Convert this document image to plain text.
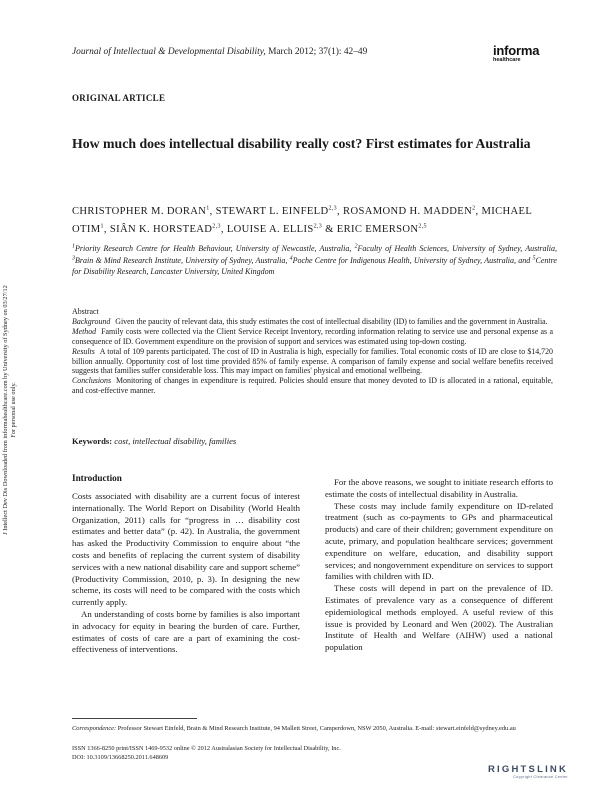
Journal of Intellectual & Developmental Disability, March 2012; 37(1): 42–49	informa
healthcare
J Intellect Dev Dis Downloaded from informahealthcare.com by University of Sydney on 03/27/12 For personal use only.
ORIGINAL ARTICLE
How much does intellectual disability really cost? First estimates for Australia
CHRISTOPHER M. DORAN$^1$, STEWART L. EINFELD$^{2,3}$, ROSAMOND H. MADDEN$^2$, MICHAEL OTIM$^1$, SIÂN K. HORSTEAD$^{2,3}$, LOUISE A. ELLIS$^{2,3}$ & ERIC EMERSON$^{2,5}$
$^1$Priority Research Centre for Health Behaviour, University of Newcastle, Australia, $^2$Faculty of Health Sciences, University of Sydney, Australia, $^3$Brain & Mind Research Institute, University of Sydney, Australia, $^4$Poche Centre for Indigenous Health, University of Sydney, Australia, and $^5$Centre for Disability Research, Lancaster University, United Kingdom

Abstract

Background Given the paucity of relevant data, this study estimates the cost of intellectual disability (ID) to families and the government in Australia.

Method Family costs were collected via the Client Service Receipt Inventory, recording information relating to service use and personal expense as a consequence of ID. Government expenditure on the provision of support and services was estimated using top-down costing.

Results A total of 109 parents participated. The cost of ID in Australia is high, especially for families. Total economic costs of ID are close to $14,720 billion annually. Opportunity cost of lost time provided 85% of family expense. A comparison of family expense and social welfare benefits received suggests that families suffer considerable loss. This may impact on families' physical and emotional wellbeing.

Conclusions Monitoring of changes in expenditure is required. Policies should ensure that money devoted to ID is allocated in a rational, equitable, and cost-effective manner.

Keywords: cost, intellectual disability, families
Introduction

Costs associated with disability are a current focus of interest internationally. The World Report on Disability (World Health Organization, 2011) calls for “progress in … disability cost estimates and better data” (p. 42). In Australia, the government has asked the Productivity Commission to enquire about “the costs and benefits of replacing the current system of disability services with a new national disability care and support scheme” (Productivity Commission, 2010, p. 3). In designing the new scheme, its costs will need to be compared with the costs which currently apply.

An understanding of costs borne by families is also important in advocacy for equity in bearing the burden of care. Further, estimates of costs of care are a part of examining the cost-effectiveness of interventions.

For the above reasons, we sought to initiate research efforts to estimate the costs of intellectual disability in Australia.

These costs may include family expenditure on ID-related treatment (such as co-payments to GPs and pharmaceutical products) and care of their children; government expenditure on acute, primary, and population healthcare services; government expenditure on welfare, education, and disability support services; and nongovernment expenditure on services to support families with children with ID.

These costs will depend in part on the prevalence of ID. Estimates of prevalence vary as a consequence of different epidemiological methods employed. A useful review of this issue is provided by Leonard and Wen (2002). The Australian Institute of Health and Welfare (AIHW) used a national population

Correspondence: Professor Stewart Einfeld, Brain & Mind Research Institute, 94 Mallett Street, Camperdown, NSW 2050, Australia. E-mail: stewart.einfeld@sydney.edu.au
ISSN 1366-8250 print/ISSN 1469-9532 online © 2012 Australasian Society for Intellectual Disability, Inc.
DOI: 10.3109/13668250.2011.648609
RIGHTSLINK
Copyright Clearance Center
